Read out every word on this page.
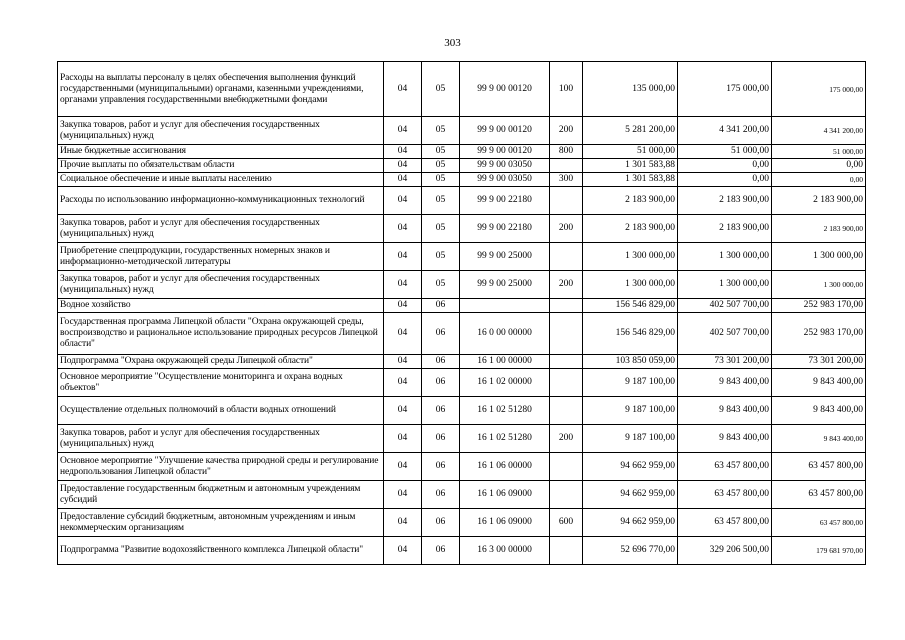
303
Расходы на выплаты персоналу в целях обеспечения выполнения функций государственными (муниципальными) органами, казенными учреждениями, органами управления государственными внебюджетными фондами	04	05	99 9 00 00120	100	135 000,00	175 000,00	175 000,00
Закупка товаров, работ и услуг для обеспечения государственных (муниципальных) нужд	04	05	99 9 00 00120	200	5 281 200,00	4 341 200,00	4 341 200,00
Иные бюджетные ассигнования	04	05	99 9 00 00120	800	51 000,00	51 000,00	51 000,00
Прочие выплаты по обязательствам области	04	05	99 9 00 03050		1 301 583,88	0,00	0,00
Социальное обеспечение и иные выплаты населению	04	05	99 9 00 03050	300	1 301 583,88	0,00	0,00
Расходы по использованию информационно-коммуникационных технологий	04	05	99 9 00 22180		2 183 900,00	2 183 900,00	2 183 900,00
Закупка товаров, работ и услуг для обеспечения государственных (муниципальных) нужд	04	05	99 9 00 22180	200	2 183 900,00	2 183 900,00	2 183 900,00
Приобретение спецпродукции, государственных номерных знаков и информационно-методической литературы	04	05	99 9 00 25000		1 300 000,00	1 300 000,00	1 300 000,00
Закупка товаров, работ и услуг для обеспечения государственных (муниципальных) нужд	04	05	99 9 00 25000	200	1 300 000,00	1 300 000,00	1 300 000,00
Водное хозяйство	04	06			156 546 829,00	402 507 700,00	252 983 170,00
Государственная программа Липецкой области "Охрана окружающей среды, воспроизводство и рациональное использование природных ресурсов Липецкой области"	04	06	16 0 00 00000		156 546 829,00	402 507 700,00	252 983 170,00
Подпрограмма "Охрана окружающей среды Липецкой области"	04	06	16 1 00 00000		103 850 059,00	73 301 200,00	73 301 200,00
Основное мероприятие "Осуществление мониторинга и охрана водных объектов"	04	06	16 1 02 00000		9 187 100,00	9 843 400,00	9 843 400,00
Осуществление отдельных полномочий в области водных отношений	04	06	16 1 02 51280		9 187 100,00	9 843 400,00	9 843 400,00
Закупка товаров, работ и услуг для обеспечения государственных (муниципальных) нужд	04	06	16 1 02 51280	200	9 187 100,00	9 843 400,00	9 843 400,00
Основное мероприятие "Улучшение качества природной среды и регулирование недропользования Липецкой области"	04	06	16 1 06 00000		94 662 959,00	63 457 800,00	63 457 800,00
Предоставление государственным бюджетным и автономным учреждениям субсидий	04	06	16 1 06 09000		94 662 959,00	63 457 800,00	63 457 800,00
Предоставление субсидий бюджетным, автономным учреждениям и иным некоммерческим организациям	04	06	16 1 06 09000	600	94 662 959,00	63 457 800,00	63 457 800,00
Подпрограмма "Развитие водохозяйственного комплекса Липецкой области"	04	06	16 3 00 00000		52 696 770,00	329 206 500,00	179 681 970,00
